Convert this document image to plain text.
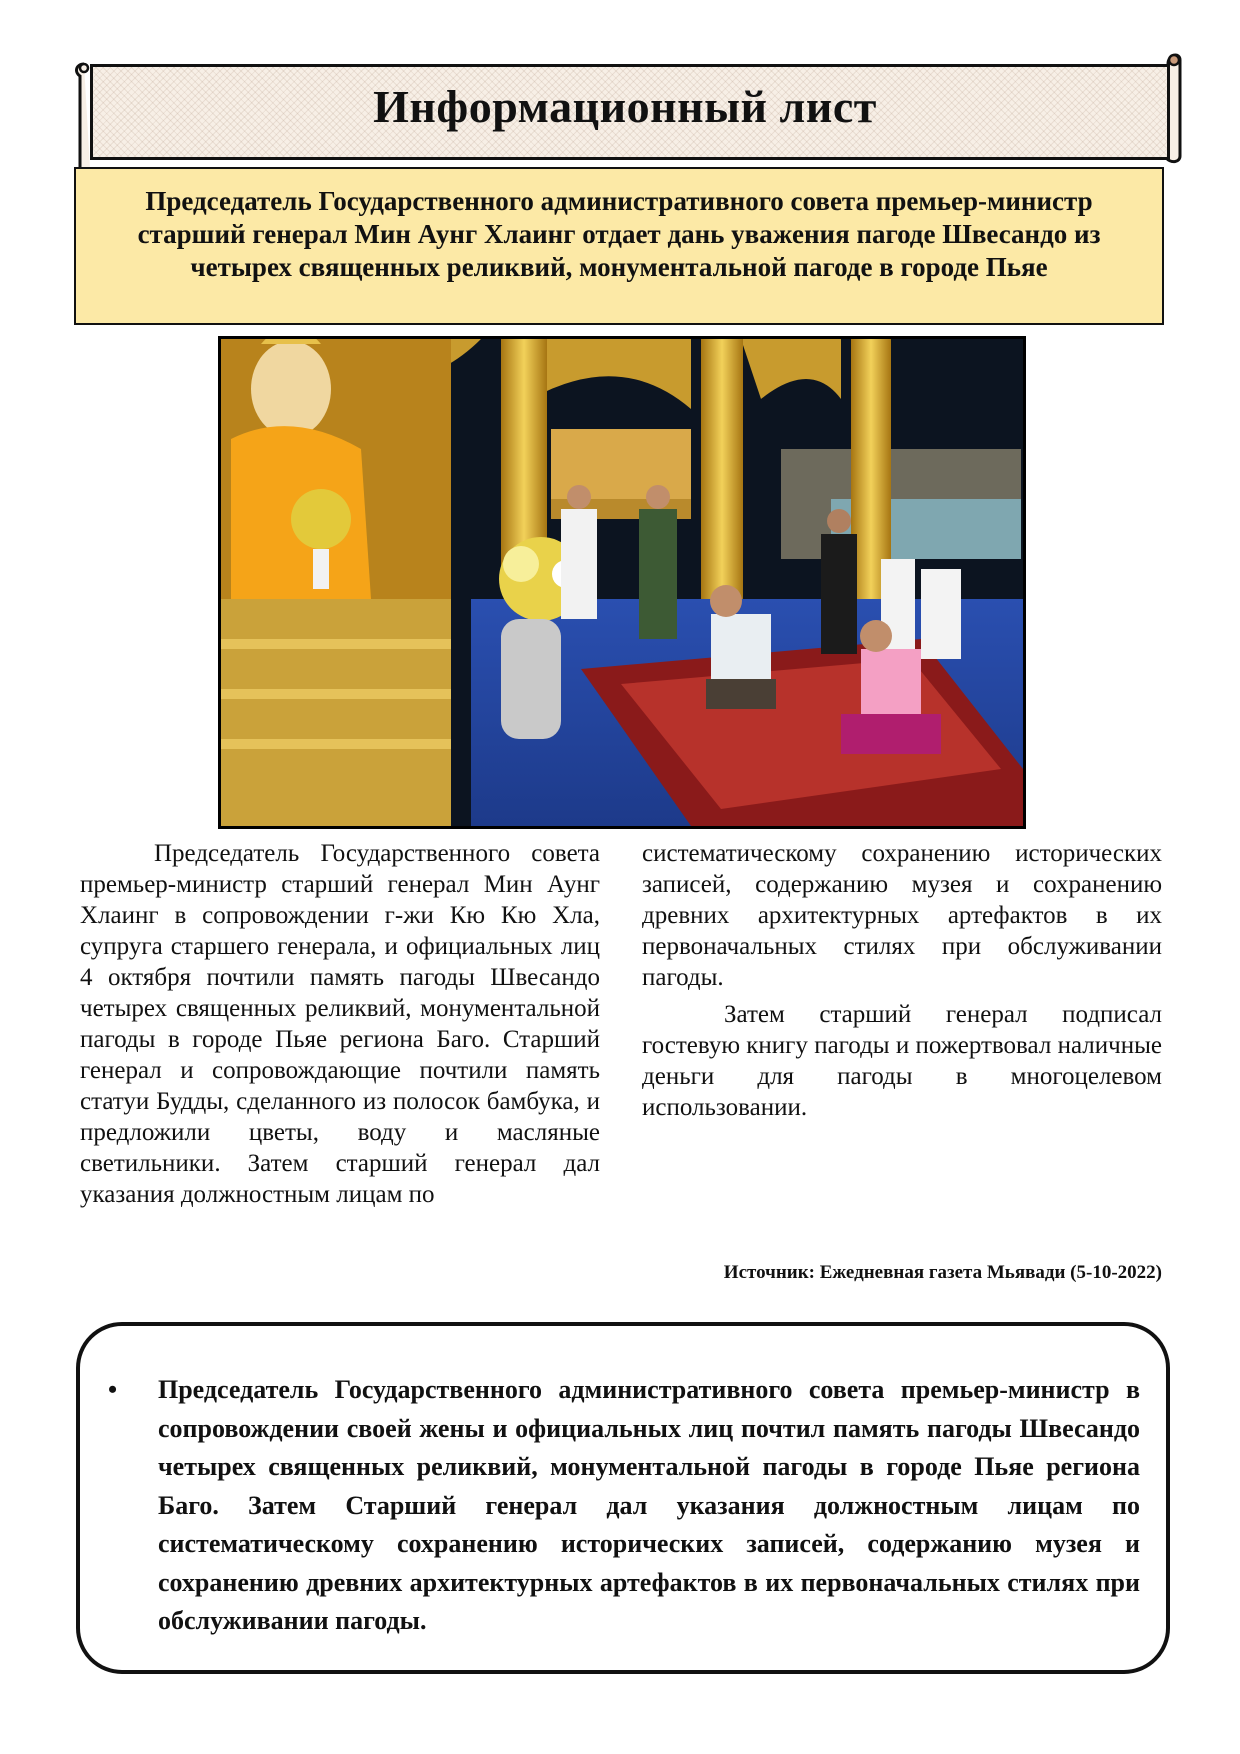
Информационный лист
Председатель Государственного административного совета премьер-министр старший генерал Мин Аунг Хлаинг отдает дань уважения пагоде Швесандо из четырех священных реликвий, монументальной пагоде в городе Пьяе

Председатель Государственного совета премьер-министр старший генерал Мин Аунг Хлаинг в сопровождении г-жи Кю Кю Хла, супруга старшего генерала, и официальных лиц 4 октября почтили память пагоды Швесандо четырех священных реликвий, монументальной пагоды в городе Пьяе региона Баго. Старший генерал и сопровождающие почтили память статуи Будды, сделанного из полосок бамбука, и предложили цветы, воду и масляные светильники. Затем старший генерал дал указания должностным лицам по

систематическому сохранению исторических записей, содержанию музея и сохранению древних архитектурных артефактов в их первоначальных стилях при обслуживании пагоды.

Затем старший генерал подписал гостевую книгу пагоды и пожертвовал наличные деньги для пагоды в многоцелевом использовании.

Источник: Ежедневная газета Мьявади (5-10-2022)
• Председатель Государственного административного совета премьер-министр в сопровождении своей жены и официальных лиц почтил память пагоды Швесандо четырех священных реликвий, монументальной пагоды в городе Пьяе региона Баго. Затем Старший генерал дал указания должностным лицам по систематическому сохранению исторических записей, содержанию музея и сохранению древних архитектурных артефактов в их первоначальных стилях при обслуживании пагоды.
